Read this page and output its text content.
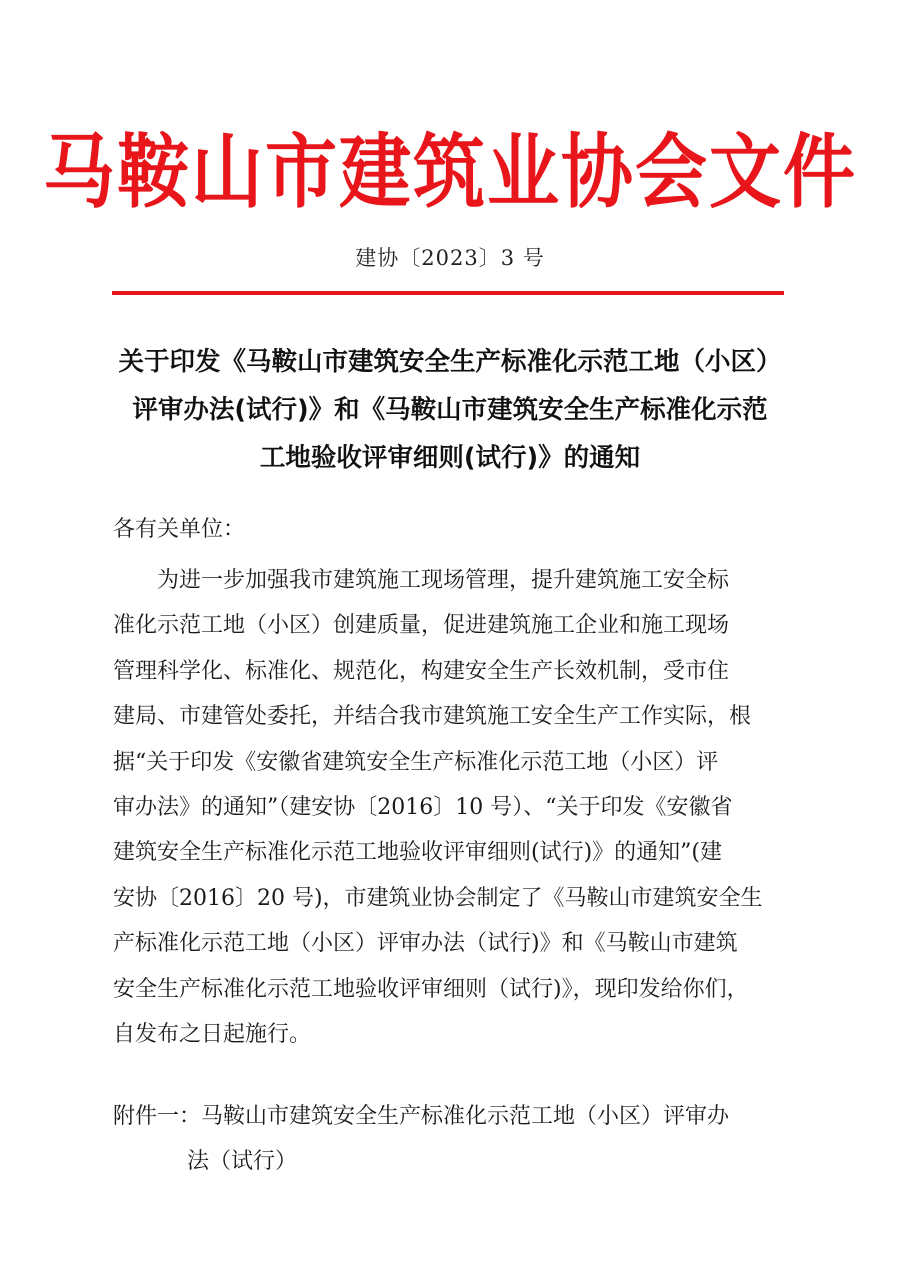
马鞍山市建筑业协会文件
建协〔2023〕3 号
关于印发《马鞍山市建筑安全生产标准化示范工地（小区）
评审办法(试行)》和《马鞍山市建筑安全生产标准化示范
工地验收评审细则(试行)》的通知
各有关单位：
为进一步加强我市建筑施工现场管理，提升建筑施工安全标
准化示范工地（小区）创建质量，促进建筑施工企业和施工现场
管理科学化、标准化、规范化，构建安全生产长效机制，受市住
建局、市建管处委托，并结合我市建筑施工安全生产工作实际，根
据“关于印发《安徽省建筑安全生产标准化示范工地（小区）评
审办法》的通知”（建安协〔2016〕10 号）、“关于印发《安徽省
建筑安全生产标准化示范工地验收评审细则(试行)》的通知”(建
安协〔2016〕20 号)，市建筑业协会制定了《马鞍山市建筑安全生
产标准化示范工地（小区）评审办法（试行)》和《马鞍山市建筑
安全生产标准化示范工地验收评审细则（试行)》，现印发给你们，
自发布之日起施行。
附件一：马鞍山市建筑安全生产标准化示范工地（小区）评审办
法（试行）
